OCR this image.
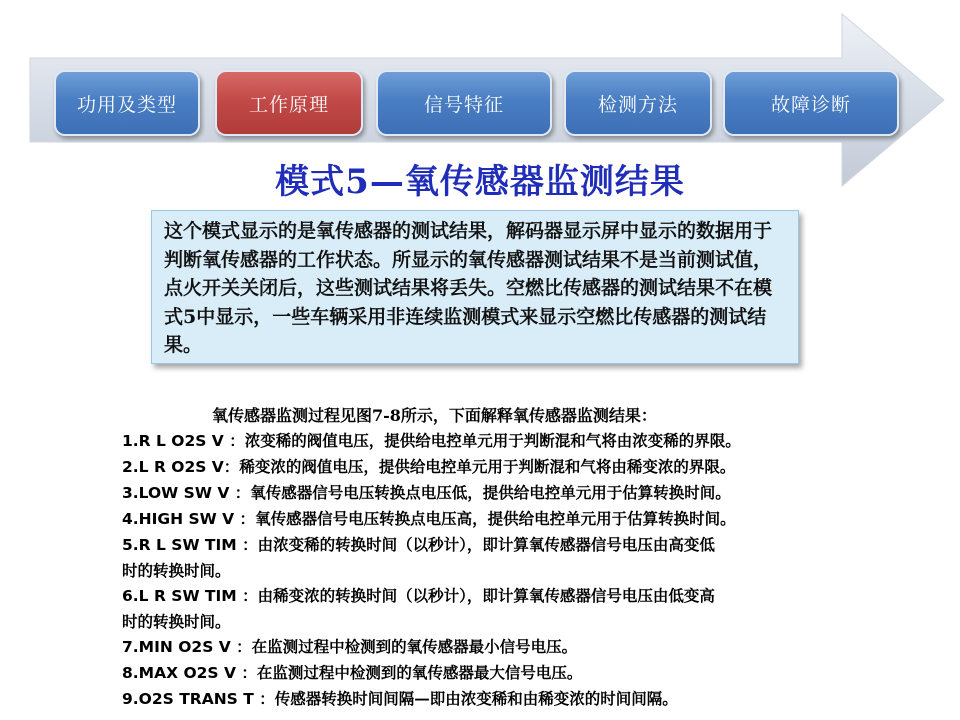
功用及类型	工作原理	信号特征	检测方法	故障诊断
模式5—氧传感器监测结果
这个模式显示的是氧传感器的测试结果，解码器显示屏中显示的数据用于判断氧传感器的工作状态。所显示的氧传感器测试结果不是当前测试值，点火开关关闭后，这些测试结果将丢失。空燃比传感器的测试结果不在模式5中显示，一些车辆采用非连续监测模式来显示空燃比传感器的测试结果。
氧传感器监测过程见图7-8所示，下面解释氧传感器监测结果：
1.R L O2S V ：浓变稀的阀值电压，提供给电控单元用于判断混和气将由浓变稀的界限。
2.L R O2S V：稀变浓的阀值电压，提供给电控单元用于判断混和气将由稀变浓的界限。
3.LOW SW V ：氧传感器信号电压转换点电压低，提供给电控单元用于估算转换时间。
4.HIGH SW V ：氧传感器信号电压转换点电压高，提供给电控单元用于估算转换时间。
5.R L SW TIM ：由浓变稀的转换时间（以秒计），即计算氧传感器信号电压由高变低
时的转换时间。
6.L R SW TIM ：由稀变浓的转换时间（以秒计），即计算氧传感器信号电压由低变高
时的转换时间。
7.MIN O2S V ：在监测过程中检测到的氧传感器最小信号电压。
8.MAX O2S V ：在监测过程中检测到的氧传感器最大信号电压。
9.O2S TRANS T ：传感器转换时间间隔—即由浓变稀和由稀变浓的时间间隔。
